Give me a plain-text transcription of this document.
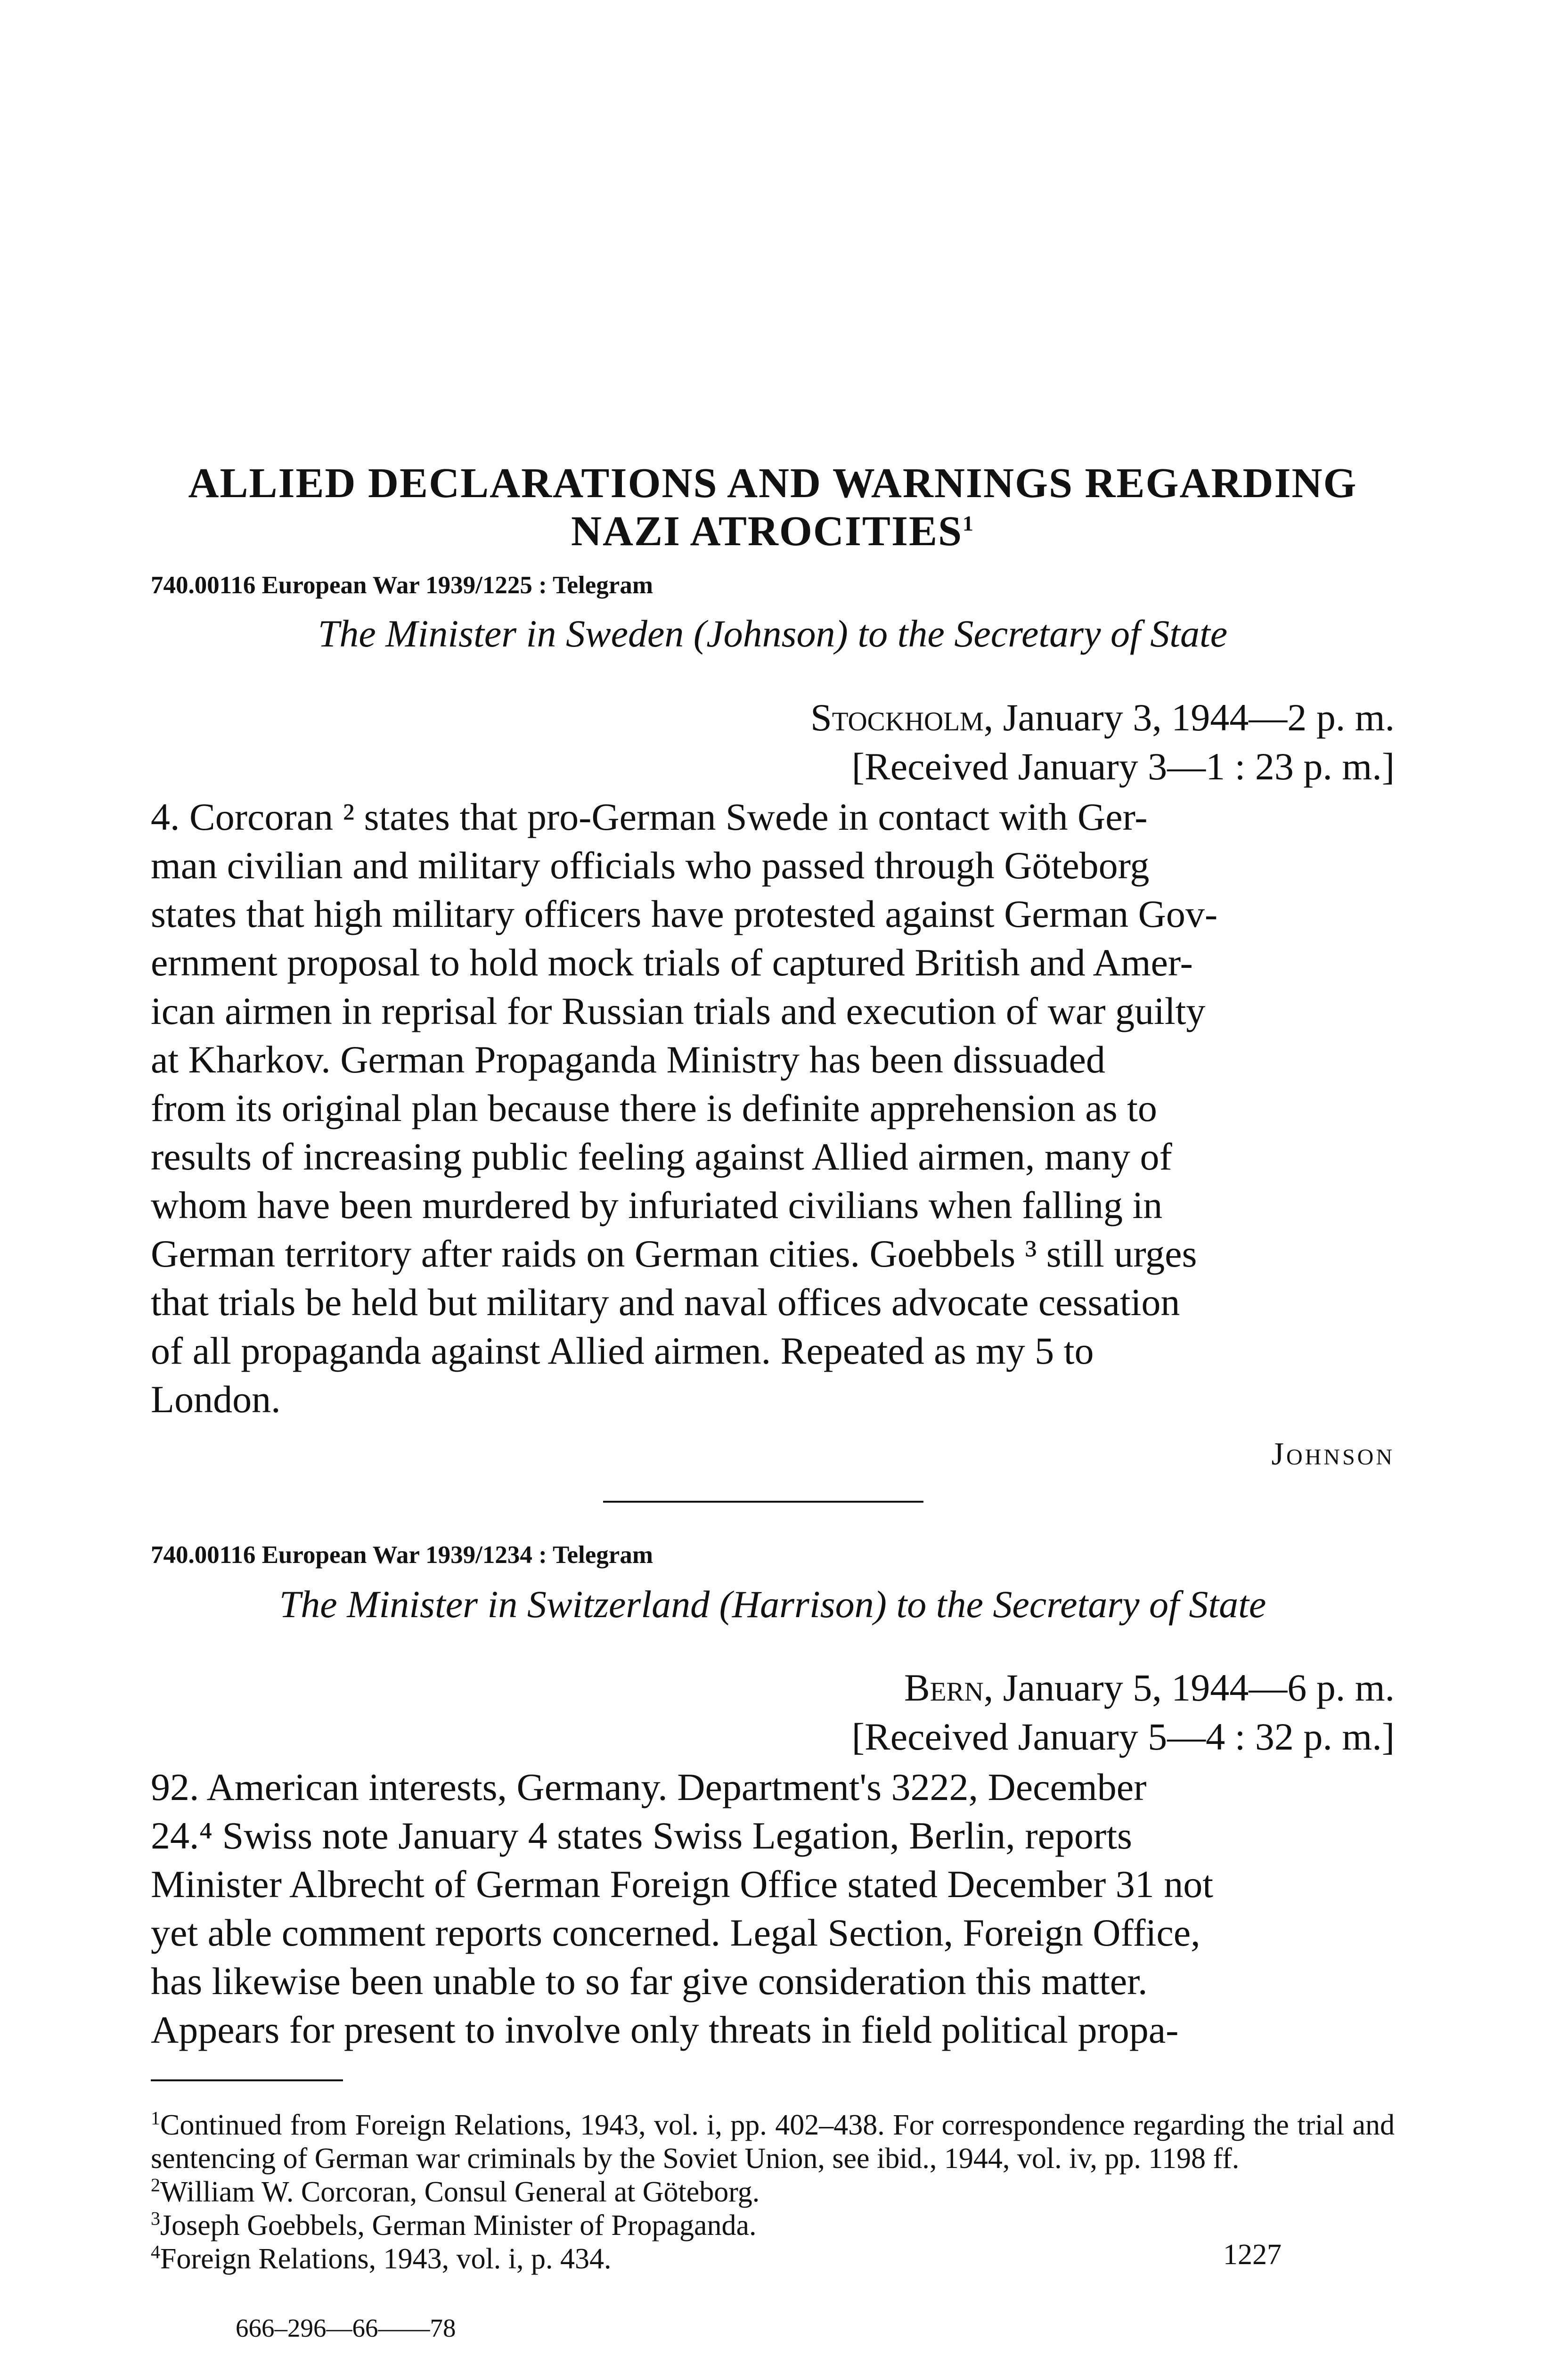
ALLIED DECLARATIONS AND WARNINGS REGARDING
NAZI ATROCITIES$^1$
740.00116 European War 1939/1225 : Telegram
The Minister in Sweden (Johnson) to the Secretary of State
Stockholm, January 3, 1944—2 p. m.
[Received January 3—1 : 23 p. m.]
4. Corcoran ² states that pro-German Swede in contact with Ger-
man civilian and military officials who passed through Göteborg
states that high military officers have protested against German Gov-
ernment proposal to hold mock trials of captured British and Amer-
ican airmen in reprisal for Russian trials and execution of war guilty
at Kharkov. German Propaganda Ministry has been dissuaded
from its original plan because there is definite apprehension as to
results of increasing public feeling against Allied airmen, many of
whom have been murdered by infuriated civilians when falling in
German territory after raids on German cities. Goebbels ³ still urges
that trials be held but military and naval offices advocate cessation
of all propaganda against Allied airmen. Repeated as my 5 to
London.
Johnson
740.00116 European War 1939/1234 : Telegram
The Minister in Switzerland (Harrison) to the Secretary of State
Bern, January 5, 1944—6 p. m.
[Received January 5—4 : 32 p. m.]
92. American interests, Germany. Department's 3222, December
24.⁴ Swiss note January 4 states Swiss Legation, Berlin, reports
Minister Albrecht of German Foreign Office stated December 31 not
yet able comment reports concerned. Legal Section, Foreign Office,
has likewise been unable to so far give consideration this matter.
Appears for present to involve only threats in field political propa-

$^1$Continued from Foreign Relations, 1943, vol. i, pp. 402–438. For correspondence regarding the trial and sentencing of German war criminals by the Soviet Union, see ibid., 1944, vol. iv, pp. 1198 ff.

$^2$William W. Corcoran, Consul General at Göteborg.

$^3$Joseph Goebbels, German Minister of Propaganda.

$^4$Foreign Relations, 1943, vol. i, p. 434.	1227
666–296—66——78
